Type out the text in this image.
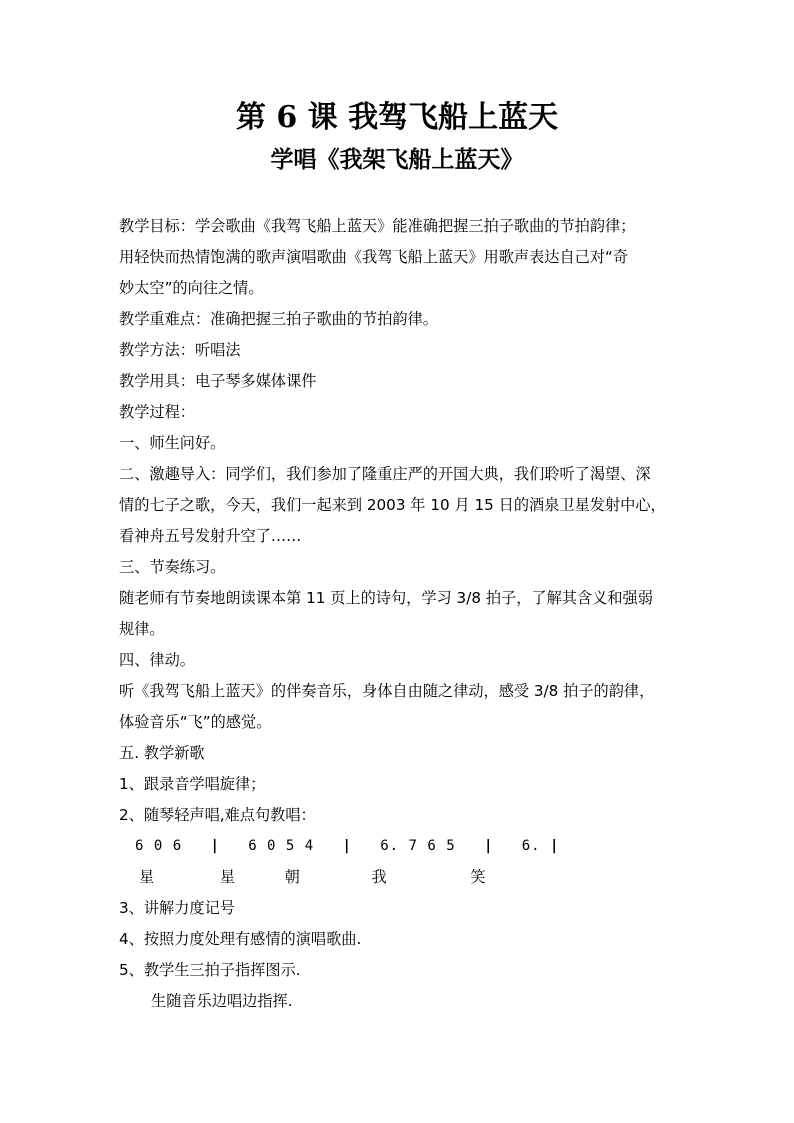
第 6 课 我驾飞船上蓝天
学唱《我架飞船上蓝天》
教学目标：学会歌曲《我驾飞船上蓝天》能准确把握三拍子歌曲的节拍韵律；
用轻快而热情饱满的歌声演唱歌曲《我驾飞船上蓝天》用歌声表达自己对“奇
妙太空”的向往之情。
教学重难点：准确把握三拍子歌曲的节拍韵律。
教学方法：听唱法
教学用具：电子琴多媒体课件
教学过程：
一、师生问好。
二、激趣导入：同学们，我们参加了隆重庄严的开国大典，我们聆听了渴望、深
情的七子之歌，今天，我们一起来到 2003 年 10 月 15 日的酒泉卫星发射中心，
看神舟五号发射升空了……
三、节奏练习。
随老师有节奏地朗读课本第 11 页上的诗句，学习 3/8 拍子，了解其含义和强弱
规律。
四、律动。
听《我驾飞船上蓝天》的伴奏音乐，身体自由随之律动，感受 3/8 拍子的韵律，
体验音乐“飞”的感觉。
五. 教学新歌
1、跟录音学唱旋律；
2、随琴轻声唱,难点句教唱：
6 0 6   |   6 0 5 4   |   6. 7 6 5   |   6. |
星	星	朝	我	笑
3、讲解力度记号
4、按照力度处理有感情的演唱歌曲.
5、教学生三拍子指挥图示.
生随音乐边唱边指挥.
